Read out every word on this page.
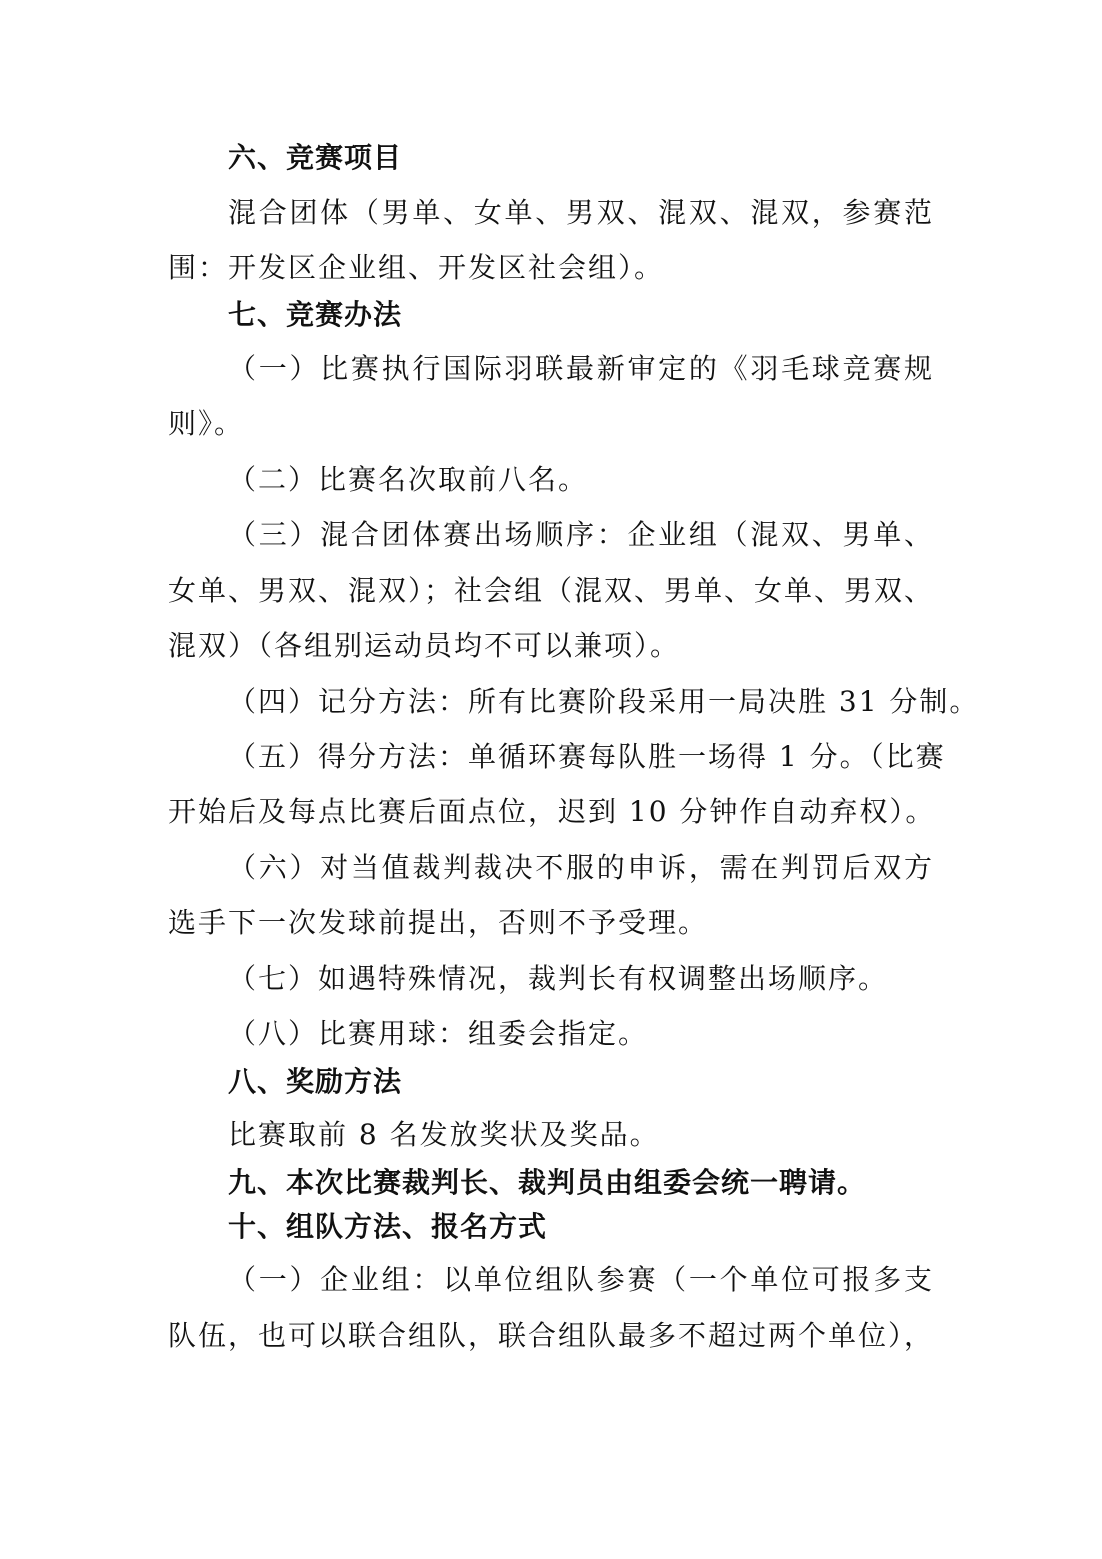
六、竞赛项目
混合团体（男单、女单、男双、混双、混双，参赛范
围：开发区企业组、开发区社会组）。
七、竞赛办法
（一）比赛执行国际羽联最新审定的《羽毛球竞赛规
则》。
（二）比赛名次取前八名。
（三）混合团体赛出场顺序：企业组（混双、男单、
女单、男双、混双）；社会组（混双、男单、女单、男双、
混双）（各组别运动员均不可以兼项）。
（四）记分方法：所有比赛阶段采用一局决胜 31 分制。
（五）得分方法：单循环赛每队胜一场得 1 分。（比赛
开始后及每点比赛后面点位，迟到 10 分钟作自动弃权）。
（六）对当值裁判裁决不服的申诉，需在判罚后双方
选手下一次发球前提出，否则不予受理。
（七）如遇特殊情况，裁判长有权调整出场顺序。
（八）比赛用球：组委会指定。
八、奖励方法
比赛取前 8 名发放奖状及奖品。
九、本次比赛裁判长、裁判员由组委会统一聘请。
十、组队方法、报名方式
（一）企业组：以单位组队参赛（一个单位可报多支
队伍，也可以联合组队，联合组队最多不超过两个单位），
